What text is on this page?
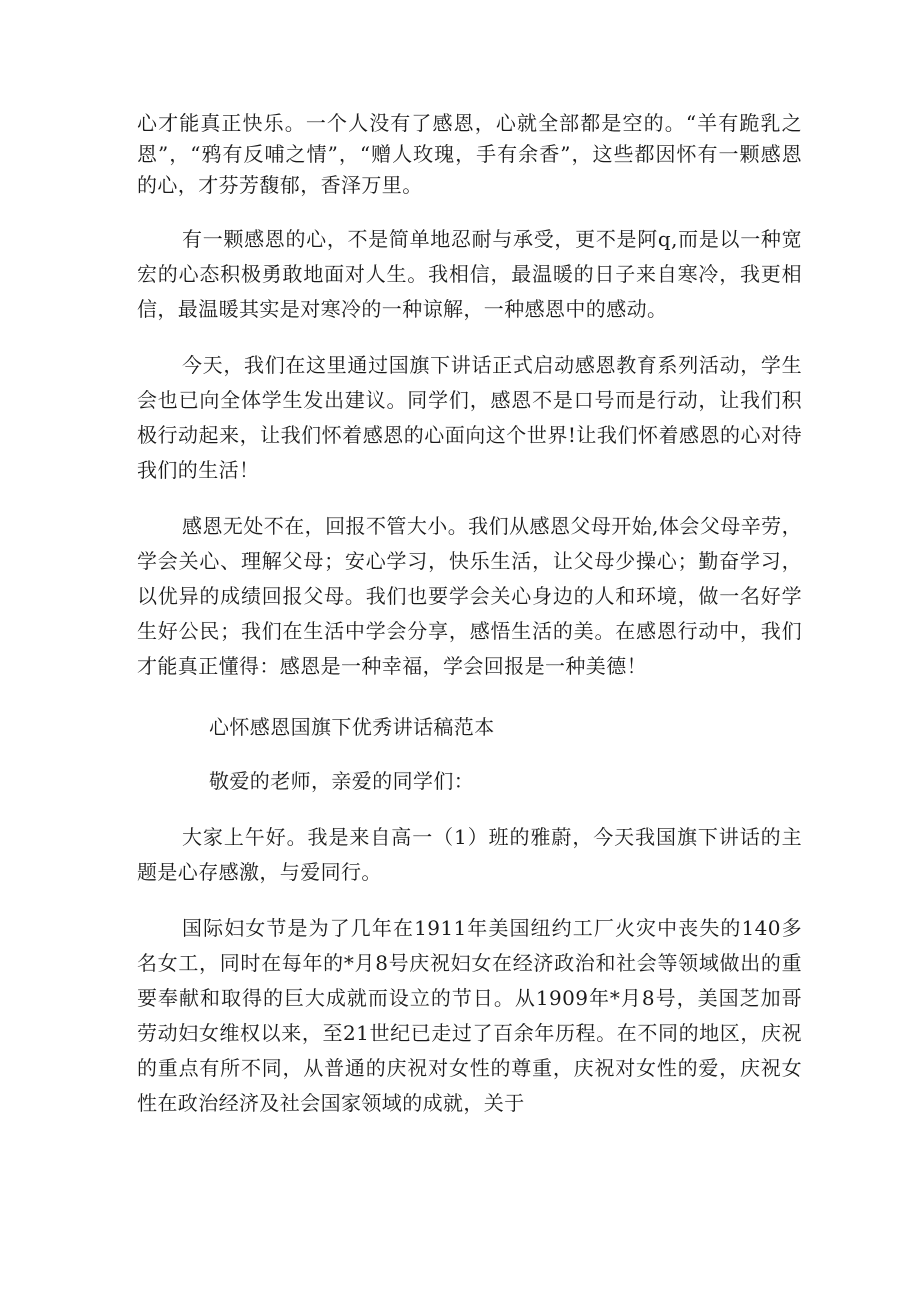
心才能真正快乐。一个人没有了感恩，心就全部都是空的。“羊有跪乳之恩”，“鸦有反哺之情”，“赠人玫瑰，手有余香”，这些都因怀有一颗感恩的心，才芬芳馥郁，香泽万里。

有一颗感恩的心，不是简单地忍耐与承受，更不是阿q,而是以一种宽宏的心态积极勇敢地面对人生。我相信，最温暖的日子来自寒冷，我更相信，最温暖其实是对寒冷的一种谅解，一种感恩中的感动。

今天，我们在这里通过国旗下讲话正式启动感恩教育系列活动，学生会也已向全体学生发出建议。同学们，感恩不是口号而是行动，让我们积极行动起来，让我们怀着感恩的心面向这个世界!让我们怀着感恩的心对待我们的生活！

感恩无处不在，回报不管大小。我们从感恩父母开始,体会父母辛劳，学会关心、理解父母；安心学习，快乐生活，让父母少操心；勤奋学习，以优异的成绩回报父母。我们也要学会关心身边的人和环境，做一名好学生好公民；我们在生活中学会分享，感悟生活的美。在感恩行动中，我们才能真正懂得：感恩是一种幸福，学会回报是一种美德！

心怀感恩国旗下优秀讲话稿范本

敬爱的老师，亲爱的同学们：

大家上午好。我是来自高一（1）班的雅蔚，今天我国旗下讲话的主题是心存感激，与爱同行。

国际妇女节是为了几年在1911年美国纽约工厂火灾中丧失的140多名女工，同时在每年的*月8号庆祝妇女在经济政治和社会等领域做出的重要奉献和取得的巨大成就而设立的节日。从1909年*月8号，美国芝加哥劳动妇女维权以来，至21世纪已走过了百余年历程。在不同的地区，庆祝的重点有所不同，从普通的庆祝对女性的尊重，庆祝对女性的爱，庆祝女性在政治经济及社会国家领域的成就，关于
